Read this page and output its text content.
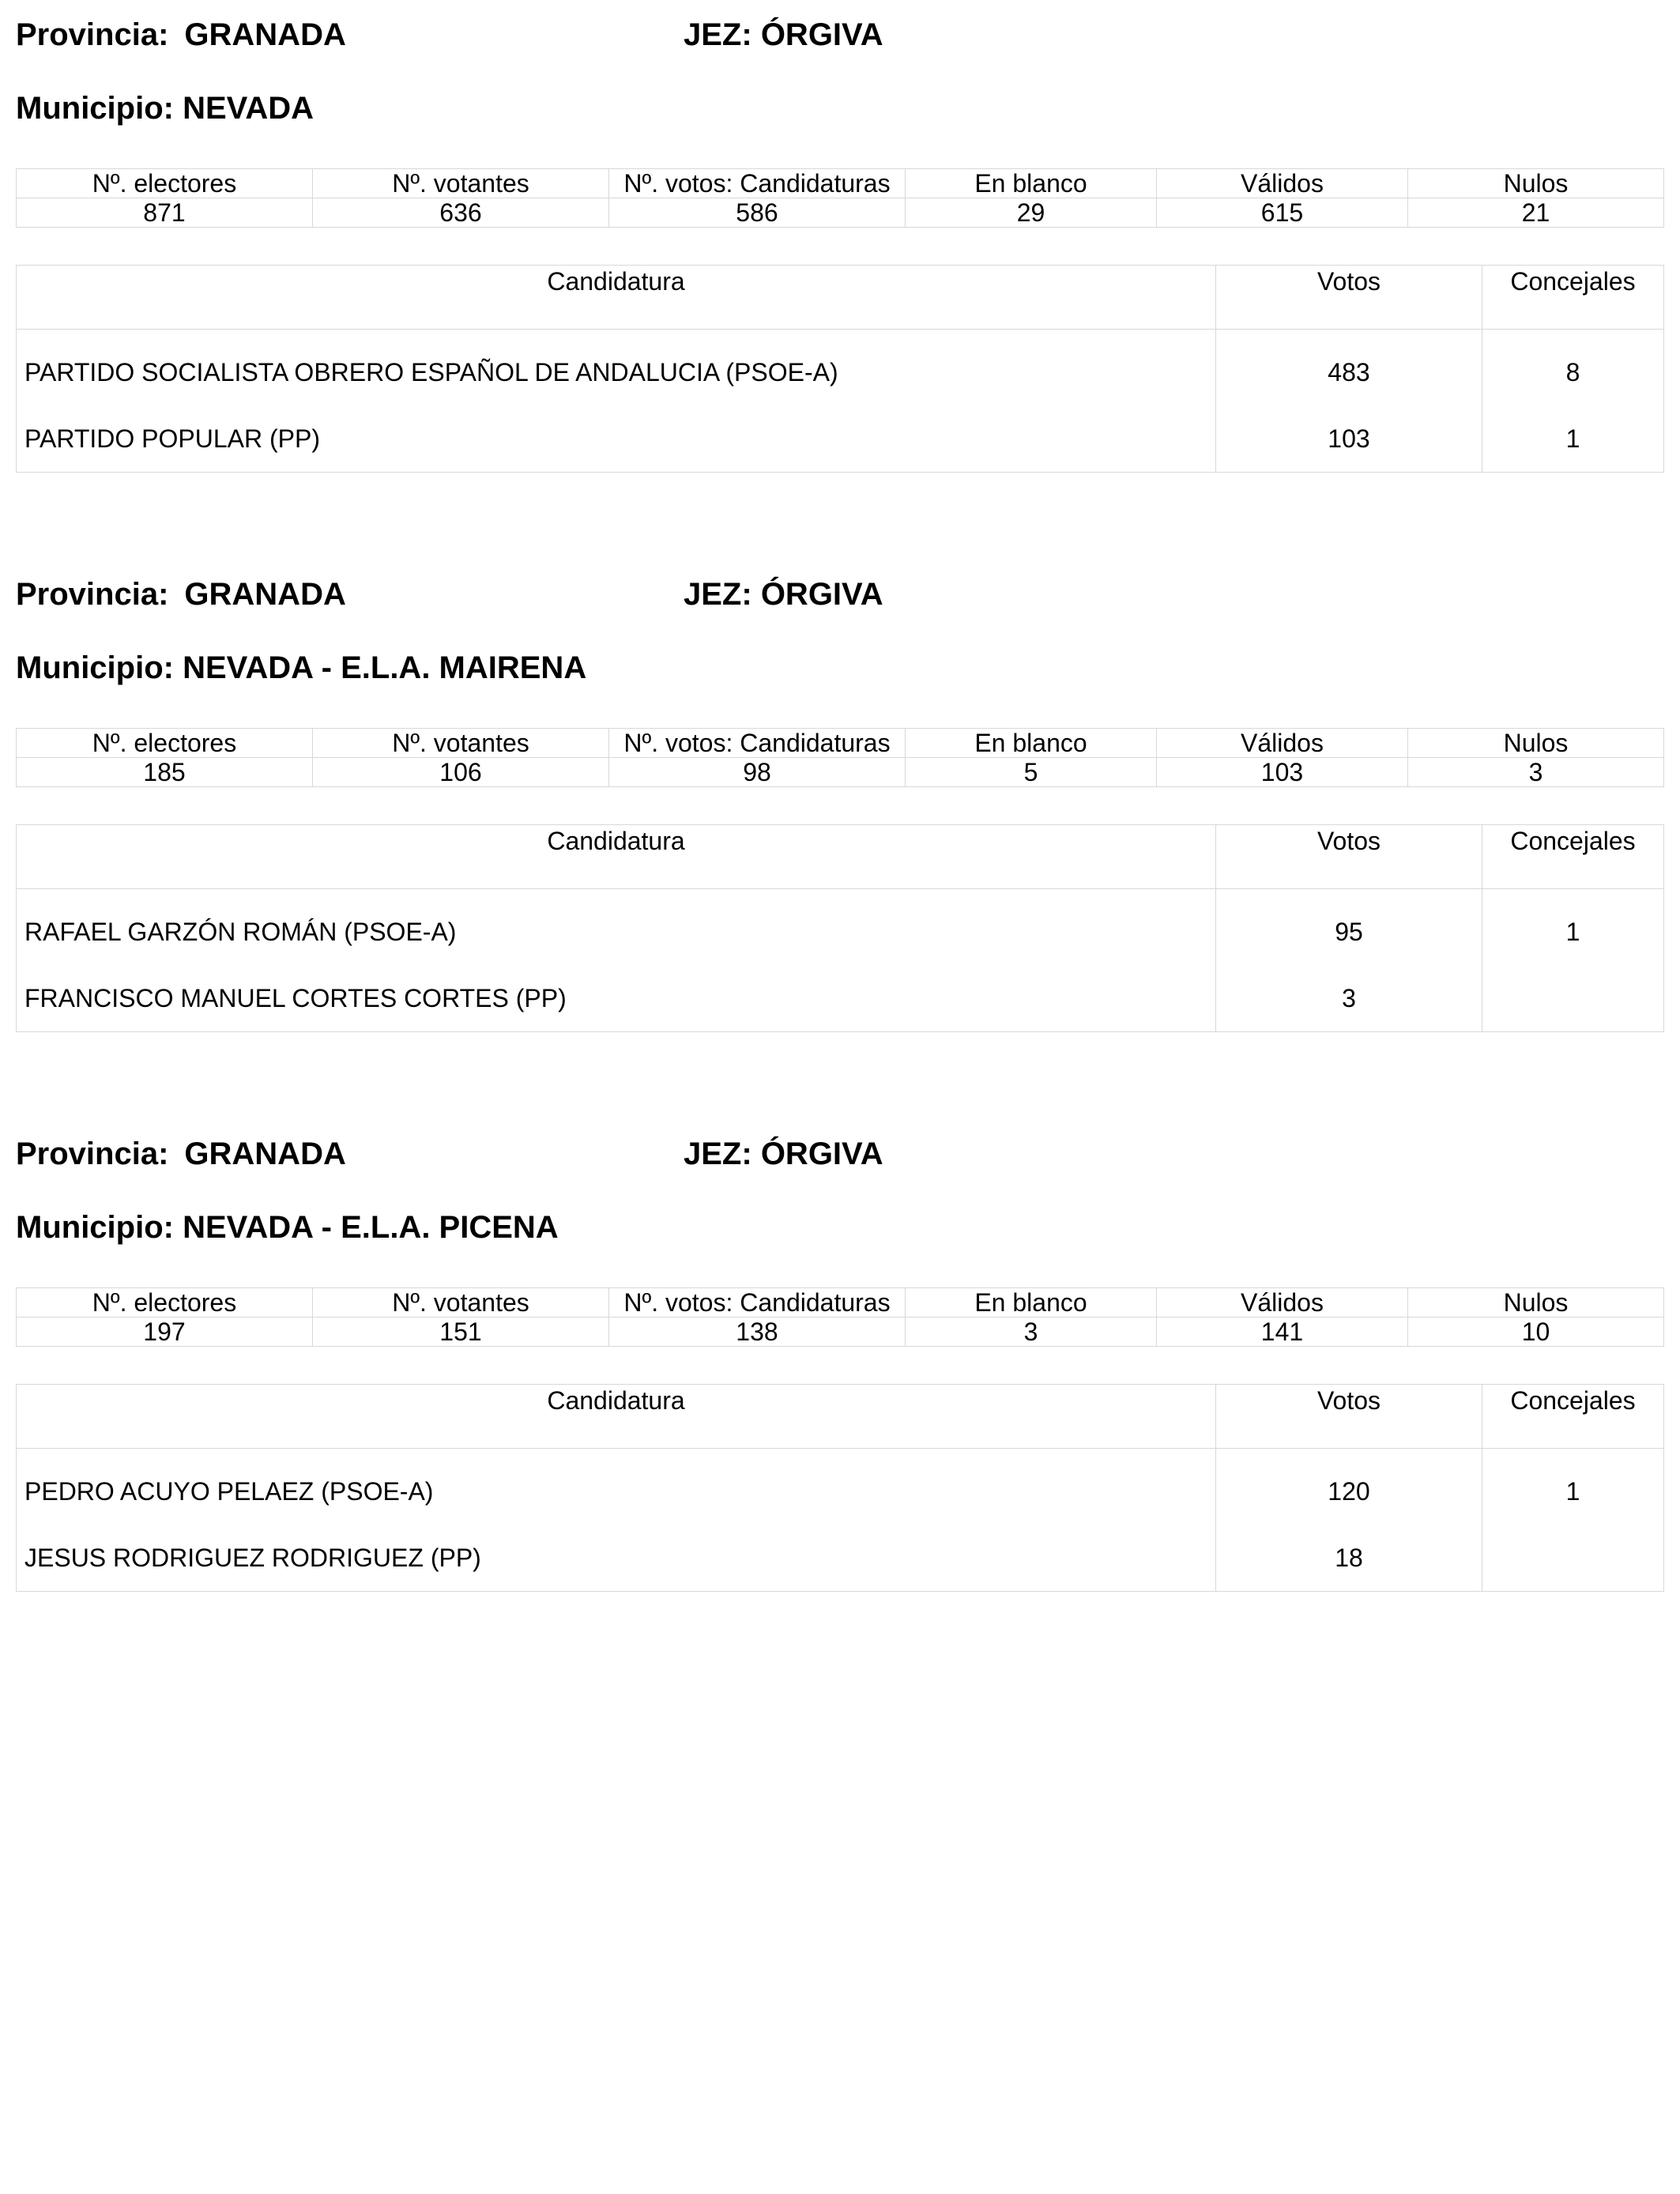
Provincia: GRANADA	JEZ: ÓRGIVA
Municipio: NEVADA
Nº. electores	Nº. votantes	Nº. votos: Candidaturas	En blanco	Válidos	Nulos
871	636	586	29	615	21
Candidatura	Votos	Concejales
PARTIDO SOCIALISTA OBRERO ESPAÑOL DE ANDALUCIA (PSOE-A)	483	8
PARTIDO POPULAR (PP)	103	1
Provincia: GRANADA	JEZ: ÓRGIVA
Municipio: NEVADA - E.L.A. MAIRENA
Nº. electores	Nº. votantes	Nº. votos: Candidaturas	En blanco	Válidos	Nulos
185	106	98	5	103	3
Candidatura	Votos	Concejales
RAFAEL GARZÓN ROMÁN (PSOE-A)	95	1
FRANCISCO MANUEL CORTES CORTES (PP)	3	
Provincia: GRANADA	JEZ: ÓRGIVA
Municipio: NEVADA - E.L.A. PICENA
Nº. electores	Nº. votantes	Nº. votos: Candidaturas	En blanco	Válidos	Nulos
197	151	138	3	141	10
Candidatura	Votos	Concejales
PEDRO ACUYO PELAEZ (PSOE-A)	120	1
JESUS RODRIGUEZ RODRIGUEZ (PP)	18	
